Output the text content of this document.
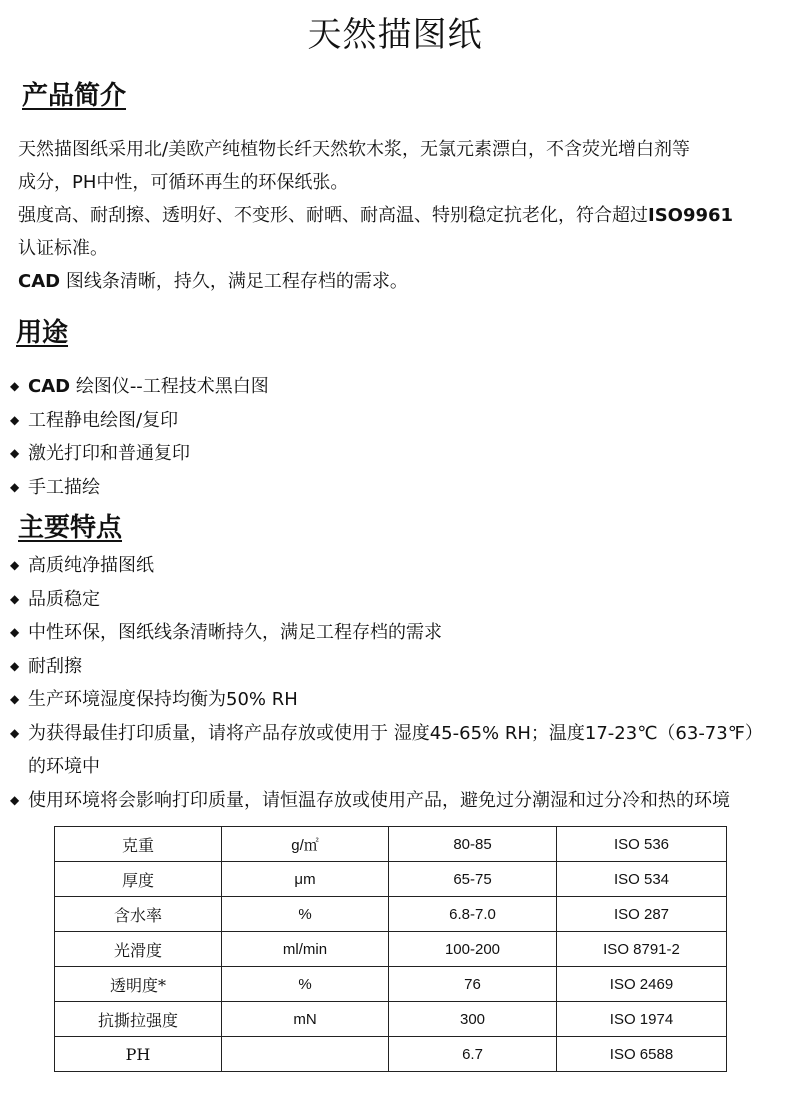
天然描图纸
产品简介

天然描图纸采用北/美欧产纯植物长纤天然软木浆，无氯元素漂白，不含荧光增白剂等

成分，PH中性，可循环再生的环保纸张。

强度高、耐刮擦、透明好、不变形、耐晒、耐高温、特别稳定抗老化，符合超过ISO9961

认证标准。

CAD 图线条清晰，持久，满足工程存档的需求。

用途
◆ CAD 绘图仪--工程技术黑白图
◆ 工程静电绘图/复印
◆ 激光打印和普通复印
◆ 手工描绘
主要特点
◆ 高质纯净描图纸
◆ 品质稳定
◆ 中性环保，图纸线条清晰持久，满足工程存档的需求
◆ 耐刮擦
◆ 生产环境湿度保持均衡为50% RH
◆ 为获得最佳打印质量，请将产品存放或使用于 湿度45-65% RH；温度17-23℃（63-73℉）的环境中
◆ 使用环境将会影响打印质量，请恒温存放或使用产品，避免过分潮湿和过分冷和热的环境
克重	g/㎡	80-85	ISO 536
厚度	μm	65-75	ISO 534
含水率	%	6.8-7.0	ISO 287
光滑度	ml/min	100-200	ISO 8791-2
透明度*	%	76	ISO 2469
抗撕拉强度	mN	300	ISO 1974
PH		6.7	ISO 6588
